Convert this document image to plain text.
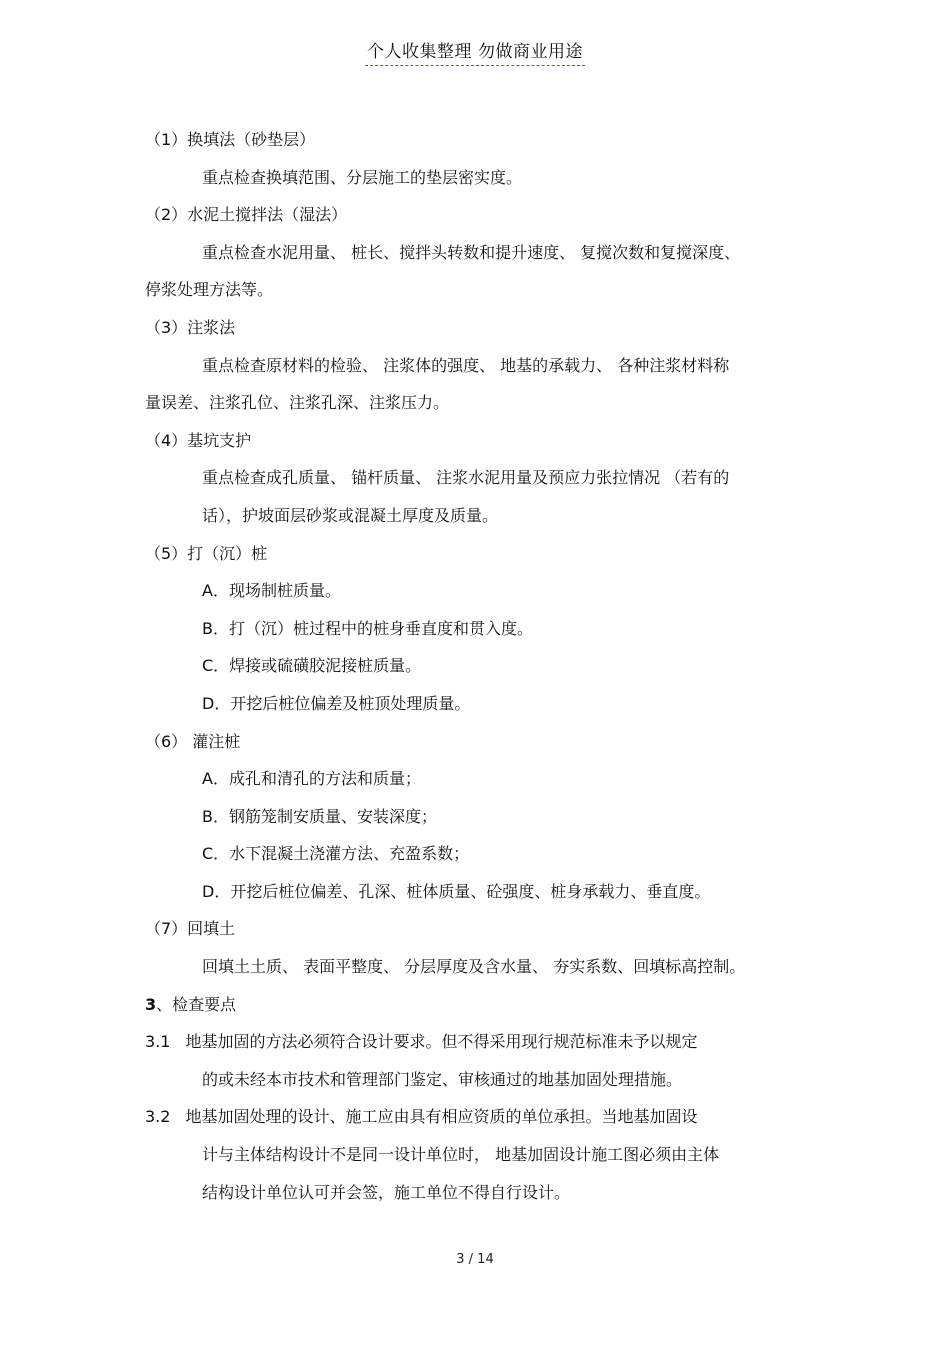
个人收集整理 勿做商业用途
（1）换填法（砂垫层）
重点检查换填范围、分层施工的垫层密实度。
（2）水泥土搅拌法（湿法）
重点检查水泥用量、 桩长、搅拌头转数和提升速度、 复搅次数和复搅深度、
停浆处理方法等。
（3）注浆法
重点检查原材料的检验、 注浆体的强度、 地基的承载力、 各种注浆材料称
量误差、注浆孔位、注浆孔深、注浆压力。
（4）基坑支护
重点检查成孔质量、 锚杆质量、 注浆水泥用量及预应力张拉情况 （若有的
话），护坡面层砂浆或混凝土厚度及质量。
（5）打（沉）桩
A．现场制桩质量。
B．打（沉）桩过程中的桩身垂直度和贯入度。
C．焊接或硫磺胶泥接桩质量。
D．开挖后桩位偏差及桩顶处理质量。
（6） 灌注桩
A．成孔和清孔的方法和质量；
B．钢筋笼制安质量、安装深度；
C．水下混凝土浇灌方法、充盈系数；
D．开挖后桩位偏差、孔深、桩体质量、砼强度、桩身承载力、垂直度。
（7）回填土
回填土土质、 表面平整度、 分层厚度及含水量、 夯实系数、回填标高控制。
3、检查要点
3.1 地基加固的方法必须符合设计要求。但不得采用现行规范标准未予以规定
的或未经本市技术和管理部门鉴定、审核通过的地基加固处理措施。
3.2 地基加固处理的设计、施工应由具有相应资质的单位承担。当地基加固设
计与主体结构设计不是同一设计单位时， 地基加固设计施工图必须由主体
结构设计单位认可并会签，施工单位不得自行设计。
3 / 14
